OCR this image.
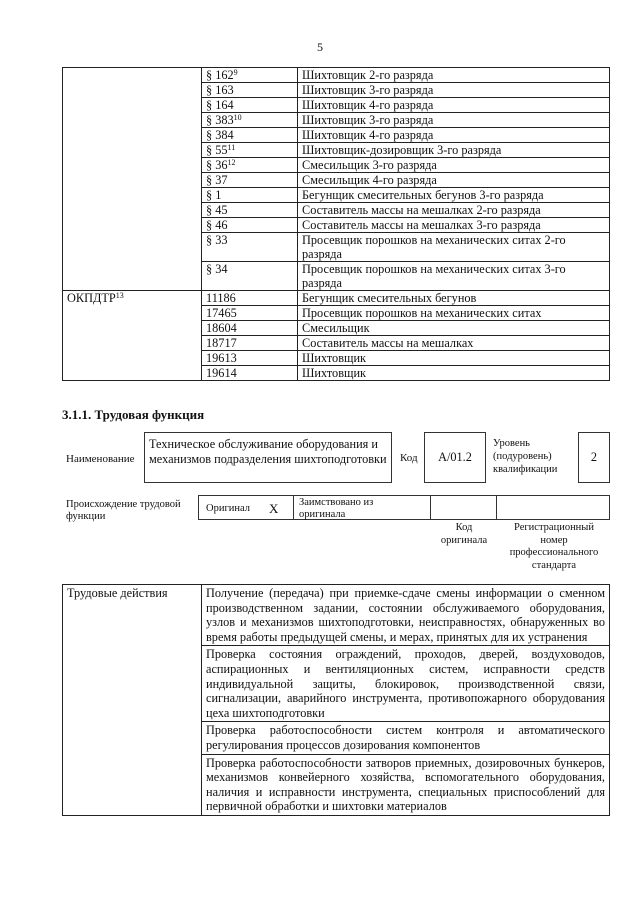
5
	§ $162^9$	Шихтовщик 2-го разряда
	§ 163	Шихтовщик 3-го разряда
	§ 164	Шихтовщик 4-го разряда
	§ $383^{10}$	Шихтовщик 3-го разряда
	§ 384	Шихтовщик 4-го разряда
	§ $55^{11}$	Шихтовщик-дозировщик 3-го разряда
	§ $36^{12}$	Смесильщик 3-го разряда
	§ 37	Смесильщик 4-го разряда
	§ 1	Бегунщик смесительных бегунов 3-го разряда
	§ 45	Составитель массы на мешалках 2-го разряда
	§ 46	Составитель массы на мешалках 3-го разряда
	§ 33	Просевщик порошков на механических ситах 2-го разряда
	§ 34	Просевщик порошков на механических ситах 3-го разряда
ОКПДТР$^{13}$	11186	Бегунщик смесительных бегунов
	17465	Просевщик порошков на механических ситах
	18604	Смесильщик
	18717	Составитель массы на мешалках
	19613	Шихтовщик
	19614	Шихтовщик
3.1.1. Трудовая функция
Наименование
Техническое обслуживание оборудования и механизмов подразделения шихтоподготовки	Код A/01.2
Уровень (подуровень) квалификации
2
Происхождение трудовой функции
Оригинал X Заимствовано из оригинала
Код оригинала
Регистрационный номер профессионального стандарта
Трудовые действия	Получение (передача) при приемке-сдаче смены информации о сменном производственном задании, состоянии обслуживаемого оборудования, узлов и механизмов шихтоподготовки, неисправностях, обнаруженных во время работы предыдущей смены, и мерах, принятых для их устранения
Проверка состояния ограждений, проходов, дверей, воздуховодов, аспирационных и вентиляционных систем, исправности средств индивидуальной защиты, блокировок, производственной связи, сигнализации, аварийного инструмента, противопожарного оборудования цеха шихтоподготовки
Проверка работоспособности систем контроля и автоматического регулирования процессов дозирования компонентов
Проверка работоспособности затворов приемных, дозировочных бункеров, механизмов конвейерного хозяйства, вспомогательного оборудования, наличия и исправности инструмента, специальных приспособлений для первичной обработки и шихтовки материалов
